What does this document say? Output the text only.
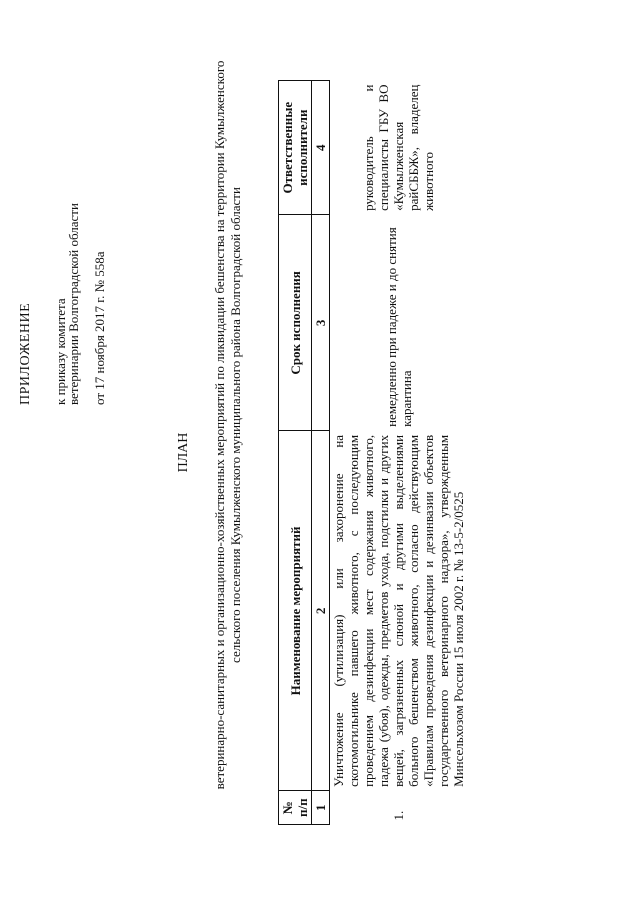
ПРИЛОЖЕНИЕ к приказу комитета
ветеринарии Волгоградской области от 17 ноября 2017 г. № 558а
ПЛАН ветеринарно-санитарных и организационно-хозяйственных мероприятий по ликвидации бешенства на территории Кумылженского сельского поселения Кумылженского муниципального района Волгоградской области
№ п/п	Наименование мероприятий	Срок исполнения	Ответственные исполнители
1	2	3	4
1.	Уничтожение (утилизация) или захоронение на скотомогильнике павшего животного, с последующим проведением дезинфекции мест содержания животного, падежа (убоя), одежды, предметов ухода, подстилки и других вещей, загрязненных слюной и другими выделениями больного бешенством животного, согласно действующим «Правилам проведения дезинфекции и дезинвазии объектов государственного ветеринарного надзора», утвержденным Минсельхозом России 15 июля 2002 г. № 13-5-2/0525	немедленно при падеже и до снятия карантина	руководитель и специалисты ГБУ ВО «Кумылженская райСББЖ», владелец животного
